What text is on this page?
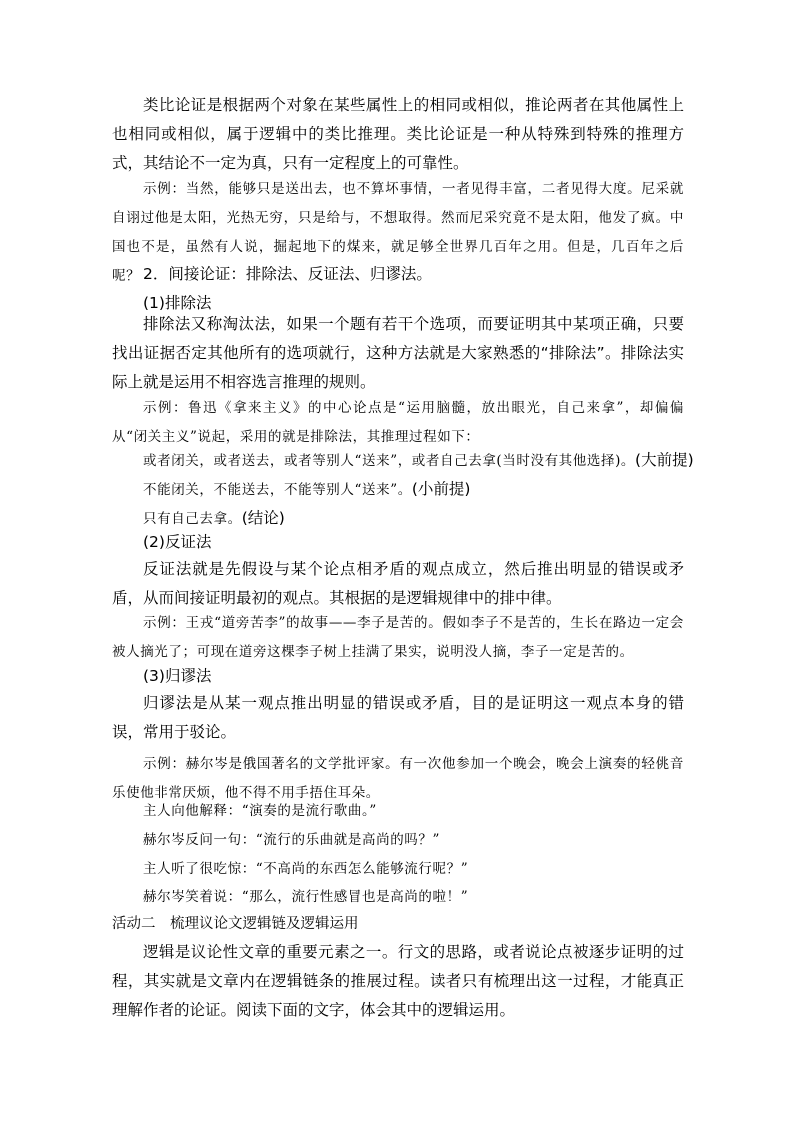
类比论证是根据两个对象在某些属性上的相同或相似，推论两者在其他属性上也相同或相似，属于逻辑中的类比推理。类比论证是一种从特殊到特殊的推理方式，其结论不一定为真，只有一定程度上的可靠性。
示例：当然，能够只是送出去，也不算坏事情，一者见得丰富，二者见得大度。尼采就自诩过他是太阳，光热无穷，只是给与，不想取得。然而尼采究竟不是太阳，他发了疯。中国也不是，虽然有人说，掘起地下的煤来，就足够全世界几百年之用。但是，几百年之后呢？ 2．间接论证：排除法、反证法、归谬法。
(1)排除法
排除法又称淘汰法，如果一个题有若干个选项，而要证明其中某项正确，只要找出证据否定其他所有的选项就行，这种方法就是大家熟悉的“排除法”。排除法实际上就是运用不相容选言推理的规则。
示例：鲁迅《拿来主义》的中心论点是“运用脑髓，放出眼光，自己来拿”，却偏偏从“闭关主义”说起，采用的就是排除法，其推理过程如下：
或者闭关，或者送去，或者等别人“送来”，或者自己去拿(当时没有其他选择)。(大前提)
不能闭关，不能送去，不能等别人“送来”。(小前提)
只有自己去拿。(结论)
(2)反证法
反证法就是先假设与某个论点相矛盾的观点成立，然后推出明显的错误或矛盾，从而间接证明最初的观点。其根据的是逻辑规律中的排中律。
示例：王戎“道旁苦李”的故事——李子是苦的。假如李子不是苦的，生长在路边一定会被人摘光了；可现在道旁这棵李子树上挂满了果实，说明没人摘，李子一定是苦的。
(3)归谬法
归谬法是从某一观点推出明显的错误或矛盾，目的是证明这一观点本身的错误，常用于驳论。
示例：赫尔岑是俄国著名的文学批评家。有一次他参加一个晚会，晚会上演奏的轻佻音乐使他非常厌烦，他不得不用手捂住耳朵。
主人向他解释：“演奏的是流行歌曲。”
赫尔岑反问一句：“流行的乐曲就是高尚的吗？”
主人听了很吃惊：“不高尚的东西怎么能够流行呢？”
赫尔岑笑着说：“那么，流行性感冒也是高尚的啦！”
活动二　梳理议论文逻辑链及逻辑运用
逻辑是议论性文章的重要元素之一。行文的思路，或者说论点被逐步证明的过程，其实就是文章内在逻辑链条的推展过程。读者只有梳理出这一过程，才能真正理解作者的论证。阅读下面的文字，体会其中的逻辑运用。
